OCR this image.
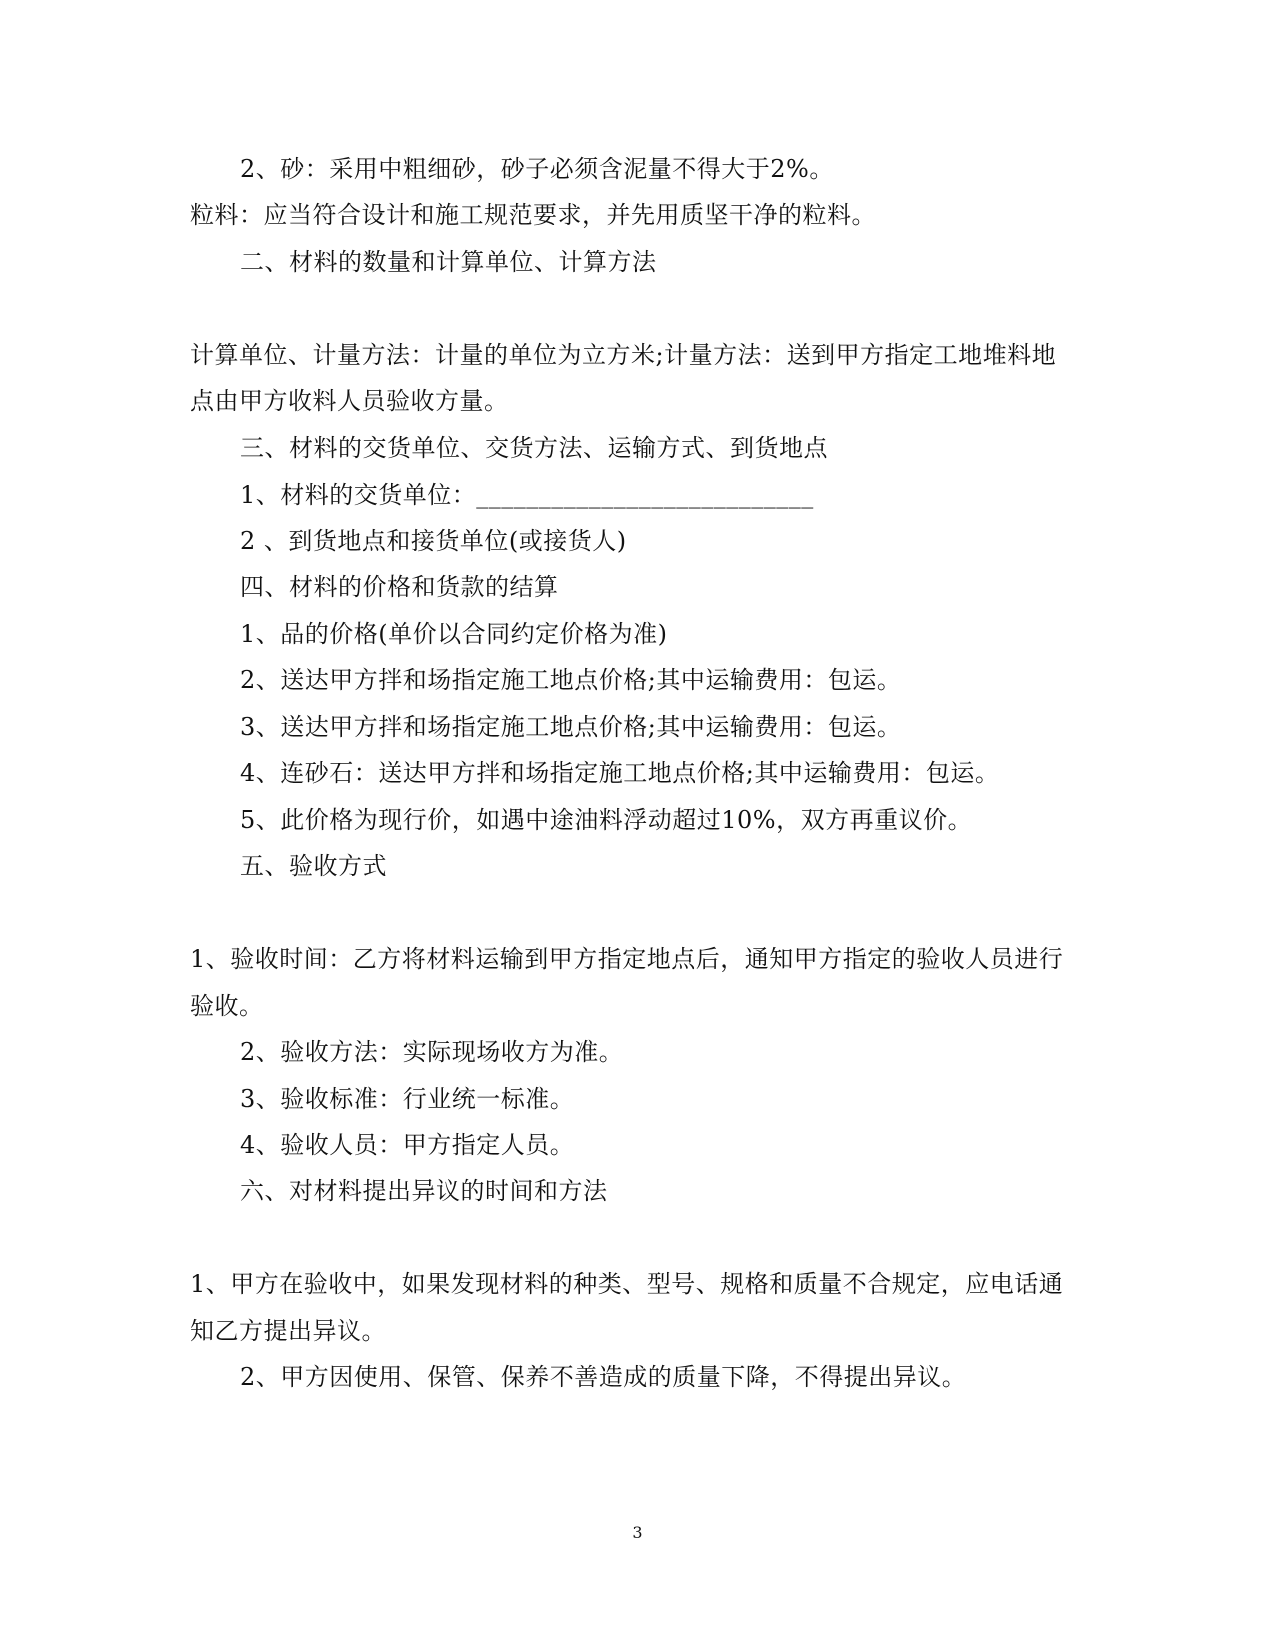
2、砂：采用中粗细砂，砂子必须含泥量不得大于2%。
粒料：应当符合设计和施工规范要求，并先用质坚干净的粒料。
二、材料的数量和计算单位、计算方法
计算单位、计量方法：计量的单位为立方米;计量方法：送到甲方指定工地堆料地
点由甲方收料人员验收方量。
三、材料的交货单位、交货方法、运输方式、到货地点
1、材料的交货单位：___________________________
2 、到货地点和接货单位(或接货人)
四、材料的价格和货款的结算
1、品的价格(单价以合同约定价格为准)
2、送达甲方拌和场指定施工地点价格;其中运输费用：包运。
3、送达甲方拌和场指定施工地点价格;其中运输费用：包运。
4、连砂石：送达甲方拌和场指定施工地点价格;其中运输费用：包运。
5、此价格为现行价，如遇中途油料浮动超过10%，双方再重议价。
五、验收方式
1、验收时间：乙方将材料运输到甲方指定地点后，通知甲方指定的验收人员进行
验收。
2、验收方法：实际现场收方为准。
3、验收标准：行业统一标准。
4、验收人员：甲方指定人员。
六、对材料提出异议的时间和方法
1、甲方在验收中，如果发现材料的种类、型号、规格和质量不合规定，应电话通
知乙方提出异议。
2、甲方因使用、保管、保养不善造成的质量下降，不得提出异议。
3
